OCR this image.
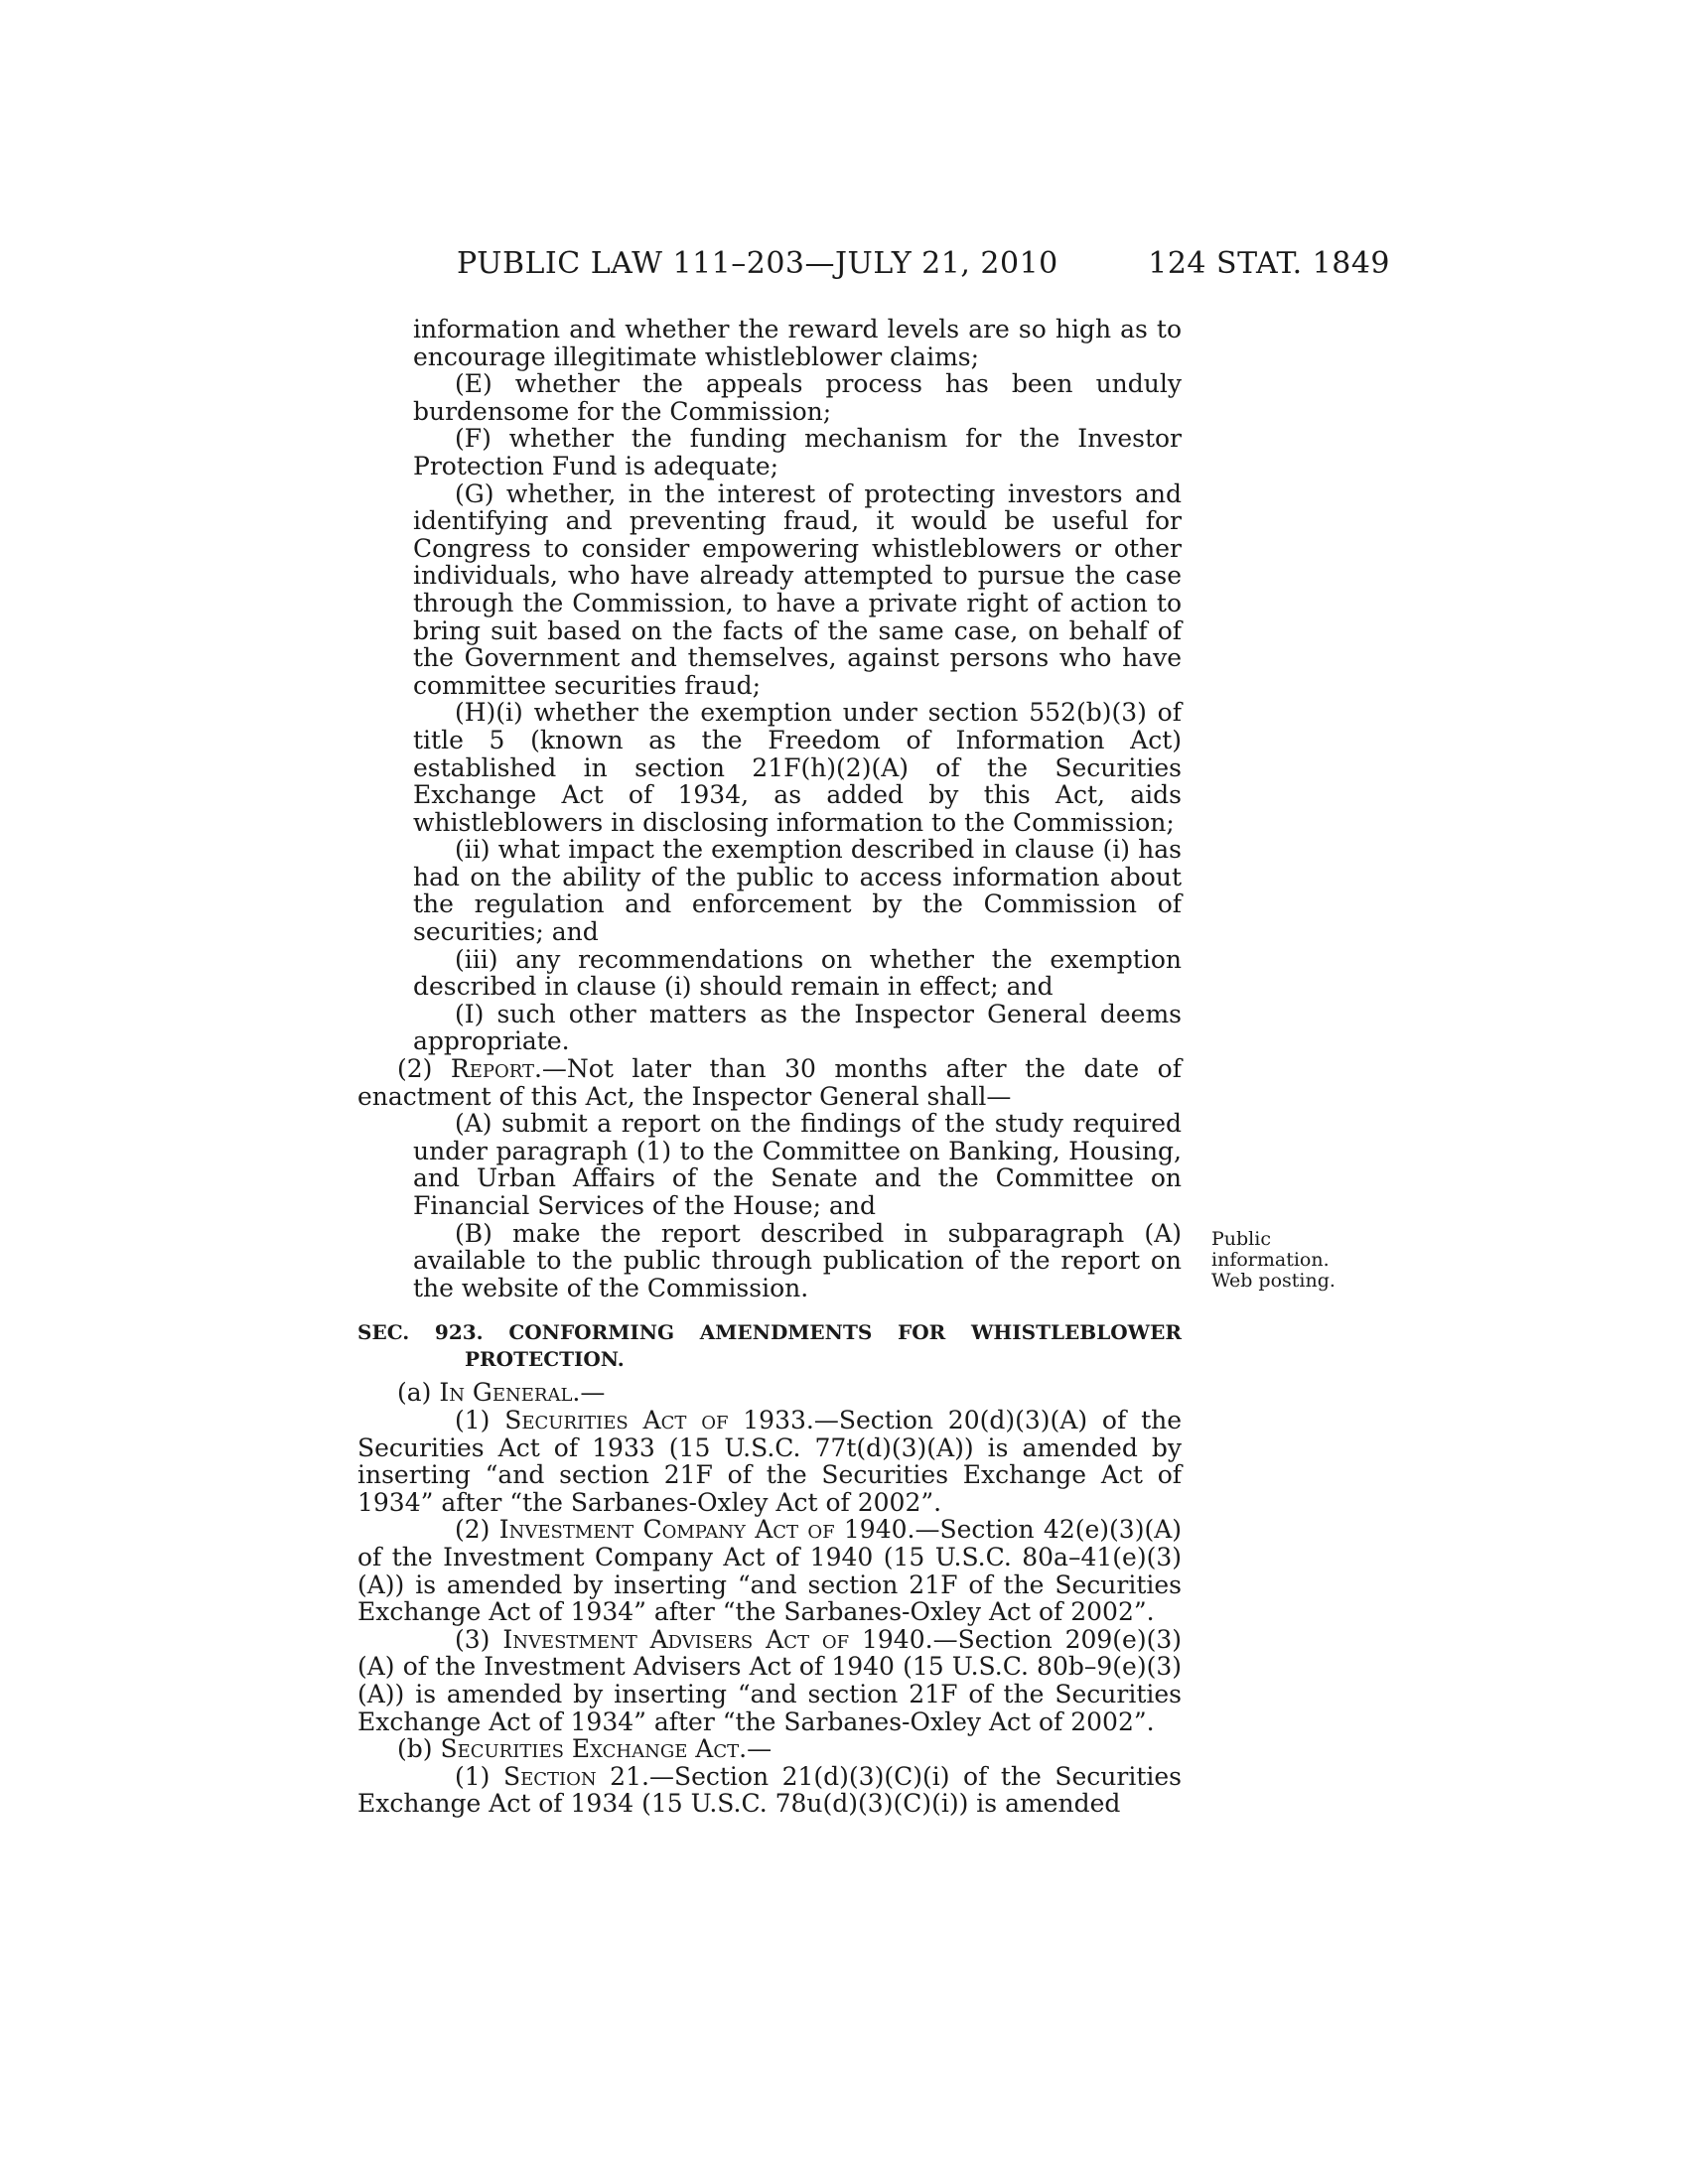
PUBLIC LAW 111–203—JULY 21, 2010	124 STAT. 1849

information and whether the reward levels are so high as to encourage illegitimate whistleblower claims;

(E) whether the appeals process has been unduly burdensome for the Commission;

(F) whether the funding mechanism for the Investor Protection Fund is adequate;

(G) whether, in the interest of protecting investors and identifying and preventing fraud, it would be useful for Congress to consider empowering whistleblowers or other individuals, who have already attempted to pursue the case through the Commission, to have a private right of action to bring suit based on the facts of the same case, on behalf of the Government and themselves, against persons who have committee securities fraud;

(H)(i) whether the exemption under section 552(b)(3) of title 5 (known as the Freedom of Information Act) established in section 21F(h)(2)(A) of the Securities Exchange Act of 1934, as added by this Act, aids whistleblowers in disclosing information to the Commission;

(ii) what impact the exemption described in clause (i) has had on the ability of the public to access information about the regulation and enforcement by the Commission of securities; and

(iii) any recommendations on whether the exemption described in clause (i) should remain in effect; and

(I) such other matters as the Inspector General deems appropriate.

(2) Report.—Not later than 30 months after the date of enactment of this Act, the Inspector General shall—

(A) submit a report on the findings of the study required under paragraph (1) to the Committee on Banking, Housing, and Urban Affairs of the Senate and the Committee on Financial Services of the House; and

(B) make the report described in subparagraph (A) available to the public through publication of the report on the website of the Commission.

SEC. 923. CONFORMING AMENDMENTS FOR WHISTLEBLOWER PROTECTION.

(a) In General.—

(1) Securities Act of 1933.—Section 20(d)(3)(A) of the Securities Act of 1933 (15 U.S.C. 77t(d)(3)(A)) is amended by inserting “and section 21F of the Securities Exchange Act of 1934” after “the Sarbanes-Oxley Act of 2002”.

(2) Investment Company Act of 1940.—Section 42(e)(3)(A) of the Investment Company Act of 1940 (15 U.S.C. 80a–41(e)(3)(A)) is amended by inserting “and section 21F of the Securities Exchange Act of 1934” after “the Sarbanes-Oxley Act of 2002”.

(3) Investment Advisers Act of 1940.—Section 209(e)(3)(A) of the Investment Advisers Act of 1940 (15 U.S.C. 80b–9(e)(3)(A)) is amended by inserting “and section 21F of the Securities Exchange Act of 1934” after “the Sarbanes-Oxley Act of 2002”.

(b) Securities Exchange Act.—

(1) Section 21.—Section 21(d)(3)(C)(i) of the Securities Exchange Act of 1934 (15 U.S.C. 78u(d)(3)(C)(i)) is amended

Public
information.
Web posting.
